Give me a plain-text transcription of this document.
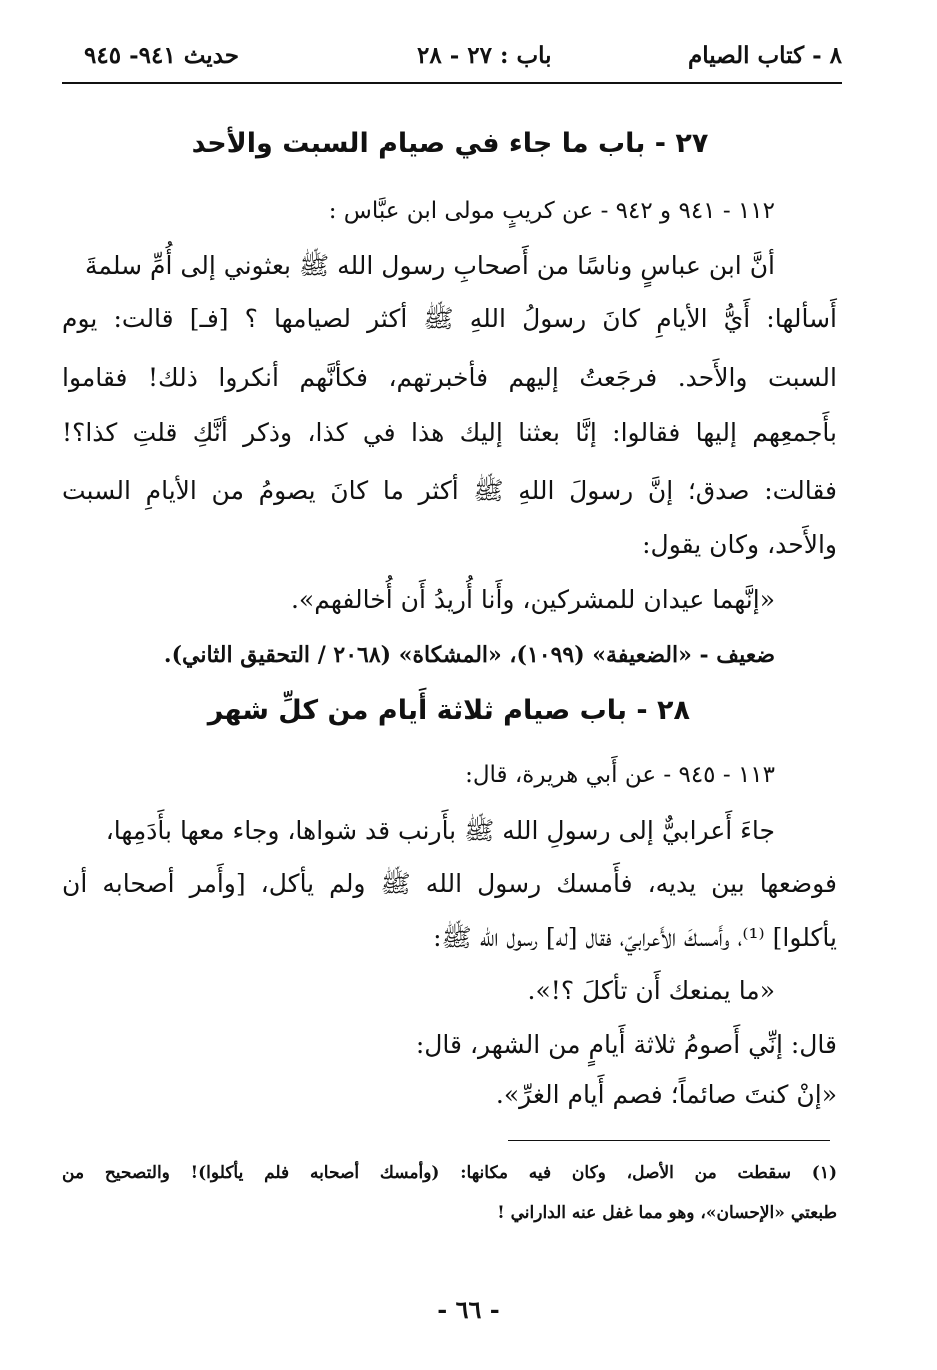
٨ - كتاب الصيام
باب : ٢٧ - ٢٨
حديث ٩٤١- ٩٤٥
٢٧ - باب ما جاء في صيام السبت والأحد
١١٢ - ٩٤١ و ٩٤٢ - عن كريبٍ مولى ابن عبَّاس :
أنَّ ابن عباسٍ وناسًا من أَصحابِ رسول الله ﷺ بعثوني إلى أُمِّ سلمةَ
أَسألها: أَيُّ الأيامِ كانَ رسولُ اللهِ ﷺ أكثر لصيامها ؟ [فـ] قالت: يوم
السبت والأَحد. فرجَعتُ إليهم فأخبرتهم، فكأنَّهم أنكروا ذلك! فقاموا
بأَجمعِهم إليها فقالوا: إنَّا بعثنا إليك هذا في كذا، وذكر أنَّكِ قلتِ كذا؟!
فقالت: صدق؛ إنَّ رسولَ اللهِ ﷺ أكثر ما كانَ يصومُ من الأيامِ السبت
والأَحد، وكان يقول:
«إنَّهما عيدان للمشركين، وأَنا أُريدُ أَن أُخالفهم».
ضعيف - «الضعيفة» (١٠٩٩)، «المشكاة» (٢٠٦٨ / التحقيق الثاني).
٢٨ - باب صيام ثلاثة أَيام من كلِّ شهر
١١٣ - ٩٤٥ - عن أَبي هريرة، قال:
جاءَ أَعرابيٌّ إلى رسولِ الله ﷺ بأَرنب قد شواها، وجاء معها بأَدَمِها،
فوضعها بين يديه، فأَمسك رسول الله ﷺ ولم يأكل، [وأَمر أصحابه أن
يأكلوا] ⁽¹⁾، وأَمسكَ الأَعرابيّ، فقال [له] رسول الله ﷺ:
«ما يمنعك أَن تأكلَ ؟!».
قال: إنِّي أَصومُ ثلاثة أَيامٍ من الشهر، قال:
«إنْ كنتَ صائماً؛ فصم أَيام الغرِّ».
(١) سقطت من الأصل، وكان فيه مكانها: (وأمسك أصحابه فلم يأكلوا)! والتصحيح من
طبعتي «الإحسان»، وهو مما غفل عنه الداراني !
- ٦٦ -
